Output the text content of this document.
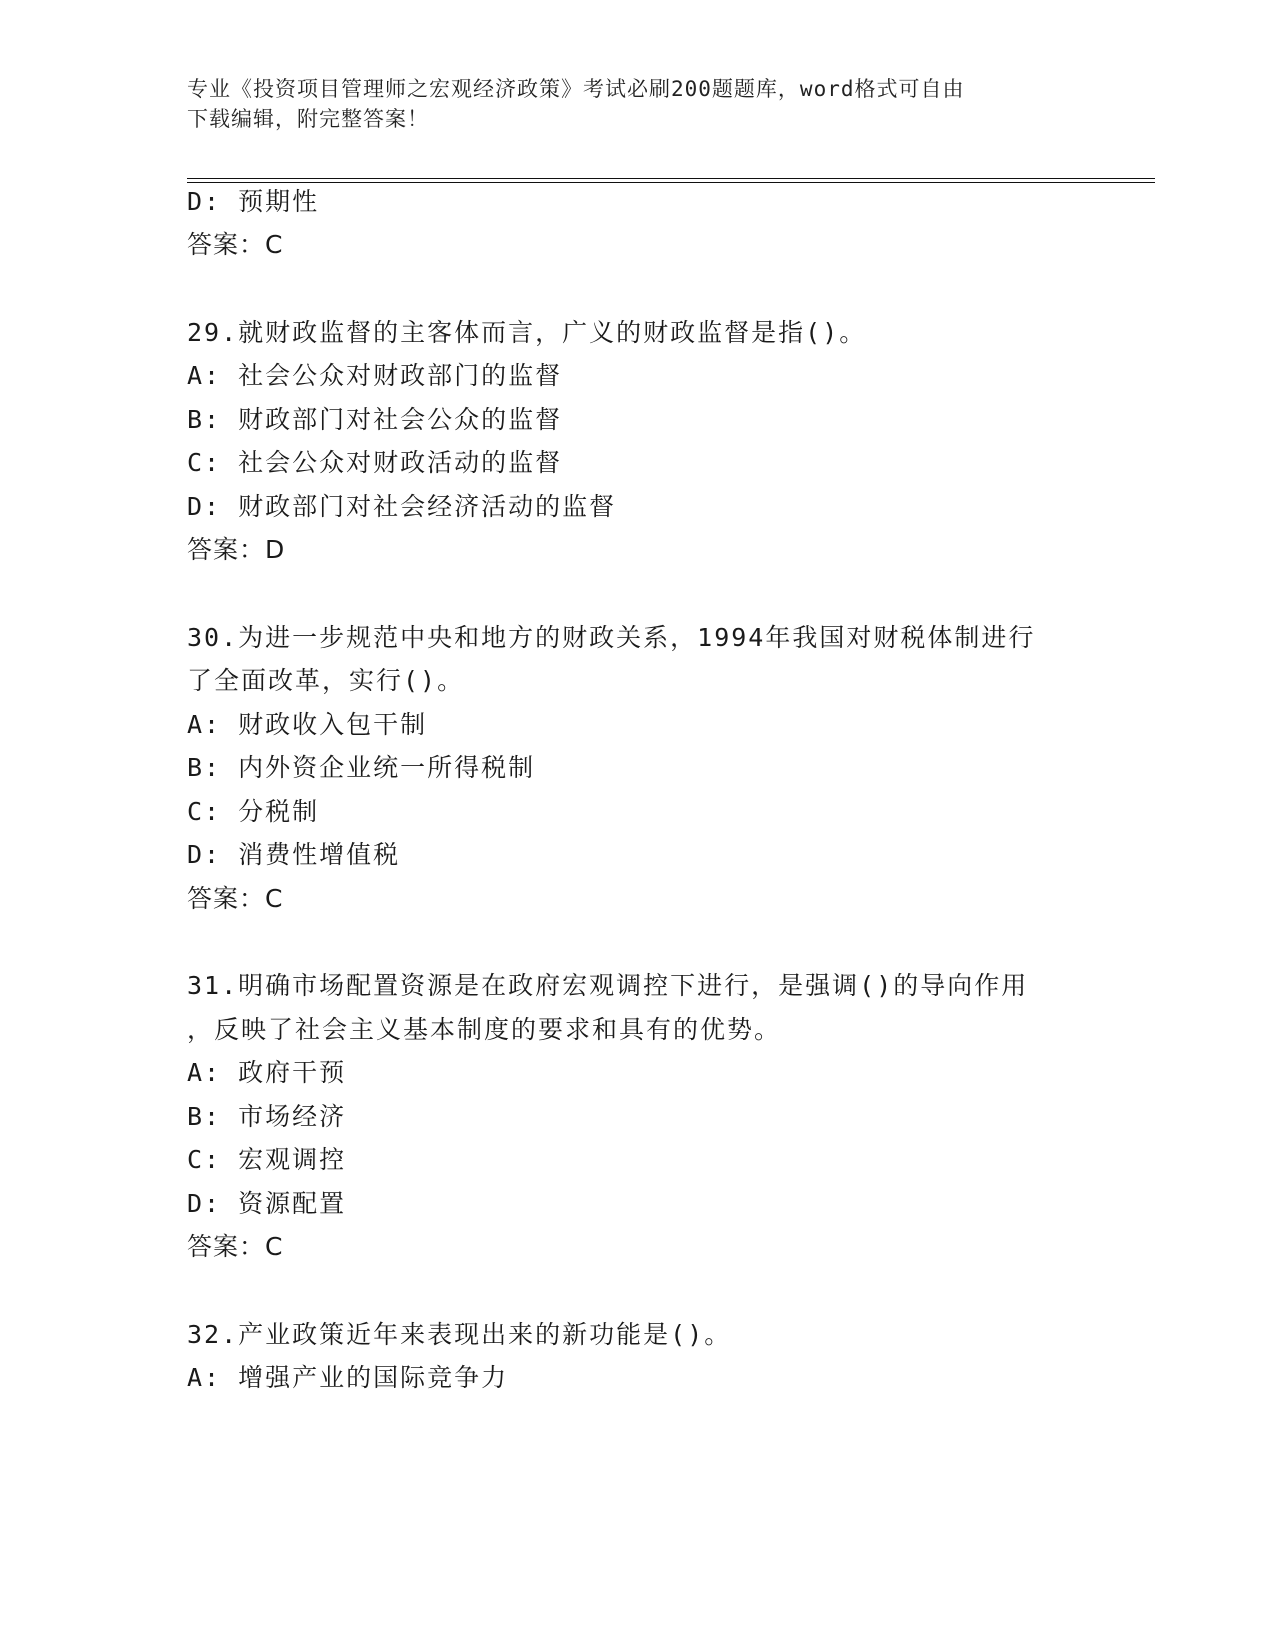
专业《投资项目管理师之宏观经济政策》考试必刷200题题库，word格式可自由
下载编辑，附完整答案！
D: 预期性
答案：C
29.就财政监督的主客体而言，广义的财政监督是指()。
A: 社会公众对财政部门的监督
B: 财政部门对社会公众的监督
C: 社会公众对财政活动的监督
D: 财政部门对社会经济活动的监督
答案：D
30.为进一步规范中央和地方的财政关系，1994年我国对财税体制进行
了全面改革，实行()。
A: 财政收入包干制
B: 内外资企业统一所得税制
C: 分税制
D: 消费性增值税
答案：C
31.明确市场配置资源是在政府宏观调控下进行，是强调()的导向作用
，反映了社会主义基本制度的要求和具有的优势。
A: 政府干预
B: 市场经济
C: 宏观调控
D: 资源配置
答案：C
32.产业政策近年来表现出来的新功能是()。
A: 增强产业的国际竞争力
